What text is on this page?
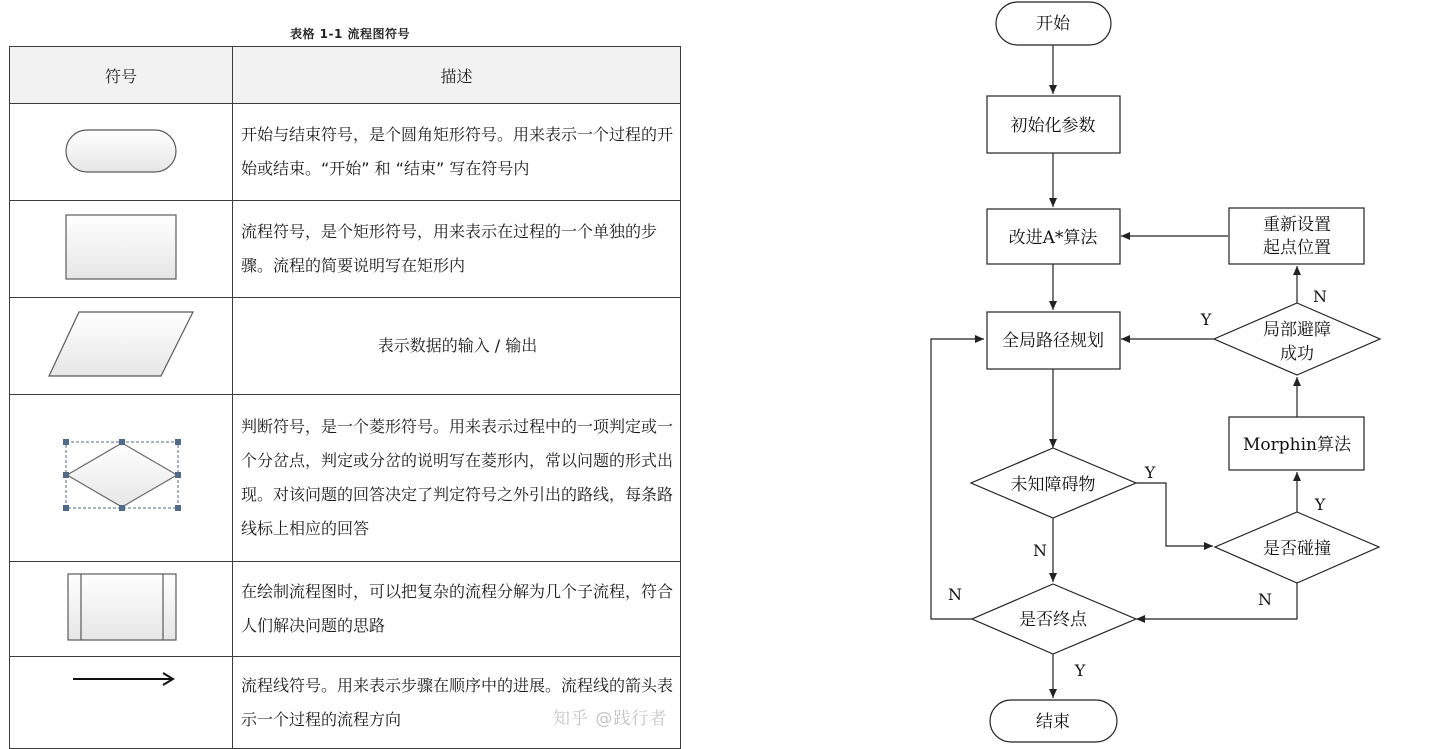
表格 1-1 流程图符号
符号	描述
	开始与结束符号，是个圆角矩形符号。用来表示一个过程的开始或结束。“开始” 和 “结束” 写在符号内
	流程符号，是个矩形符号，用来表示在过程的一个单独的步骤。流程的简要说明写在矩形内
	表示数据的输入 / 输出
	判断符号，是一个菱形符号。用来表示过程中的一项判定或一个分岔点，判定或分岔的说明写在菱形内，常以问题的形式出现。对该问题的回答决定了判定符号之外引出的路线，每条路线标上相应的回答
	在绘制流程图时，可以把复杂的流程分解为几个子流程，符合人们解决问题的思路
	流程线符号。用来表示步骤在顺序中的进展。流程线的箭头表示一个过程的流程方向	知乎 @践行者
开始
初始化参数
改进A*算法
全局路径规划
未知障碍物
是否终点
结束
重新设置
起点位置
局部避障
成功
Morphin算法
是否碰撞
Y
N
N
Y
Y
N
Y
N
